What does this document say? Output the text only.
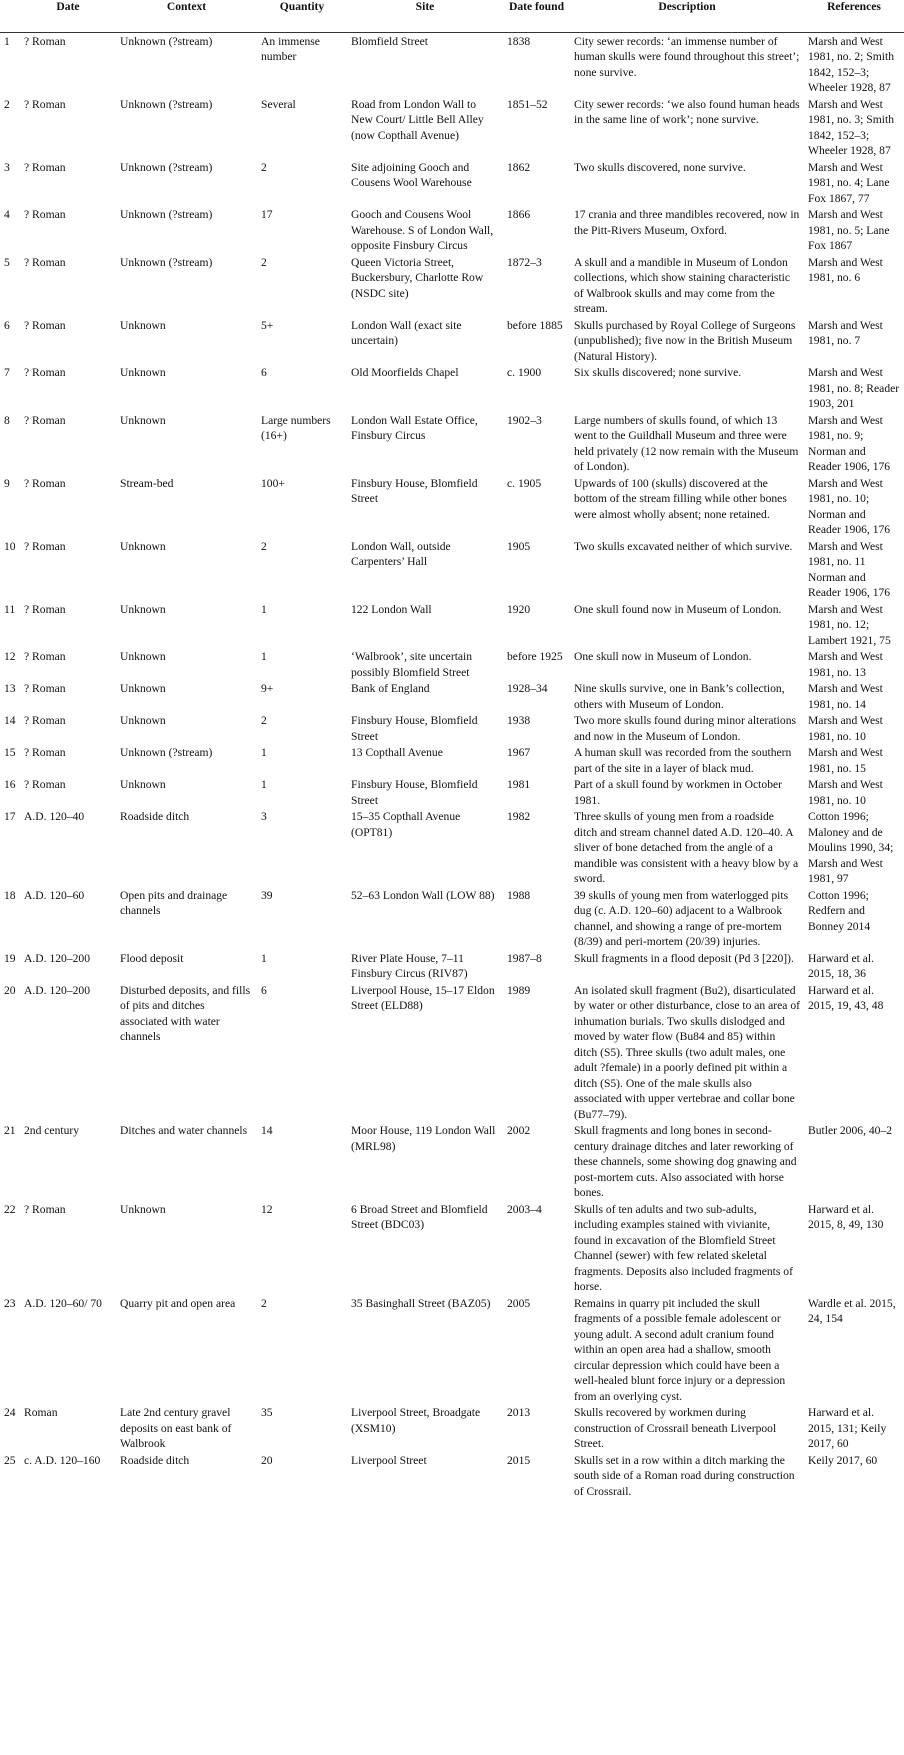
	Date	Context	Quantity	Site	Date found	Description	References
1	? Roman	Unknown (?stream)	An immense number	Blomfield Street	1838	City sewer records: ‘an immense number of human skulls were found throughout this street’; none survive.	Marsh and West 1981, no. 2; Smith 1842, 152–3; Wheeler 1928, 87
2	? Roman	Unknown (?stream)	Several	Road from London Wall to New Court/ Little Bell Alley (now Copthall Avenue)	1851–52	City sewer records: ‘we also found human heads in the same line of work’; none survive.	Marsh and West 1981, no. 3; Smith 1842, 152–3; Wheeler 1928, 87
3	? Roman	Unknown (?stream)	2	Site adjoining Gooch and Cousens Wool Warehouse	1862	Two skulls discovered, none survive.	Marsh and West 1981, no. 4; Lane Fox 1867, 77
4	? Roman	Unknown (?stream)	17	Gooch and Cousens Wool Warehouse. S of London Wall, opposite Finsbury Circus	1866	17 crania and three mandibles recovered, now in the Pitt-Rivers Museum, Oxford.	Marsh and West 1981, no. 5; Lane Fox 1867
5	? Roman	Unknown (?stream)	2	Queen Victoria Street, Buckersbury, Charlotte Row (NSDC site)	1872–3	A skull and a mandible in Museum of London collections, which show staining characteristic of Walbrook skulls and may come from the stream.	Marsh and West 1981, no. 6
6	? Roman	Unknown	5+	London Wall (exact site uncertain)	before 1885	Skulls purchased by Royal College of Surgeons (unpublished); five now in the British Museum (Natural History).	Marsh and West 1981, no. 7
7	? Roman	Unknown	6	Old Moorfields Chapel	c. 1900	Six skulls discovered; none survive.	Marsh and West 1981, no. 8; Reader 1903, 201
8	? Roman	Unknown	Large numbers (16+)	London Wall Estate Office, Finsbury Circus	1902–3	Large numbers of skulls found, of which 13 went to the Guildhall Museum and three were held privately (12 now remain with the Museum of London).	Marsh and West 1981, no. 9; Norman and Reader 1906, 176
9	? Roman	Stream-bed	100+	Finsbury House, Blomfield Street	c. 1905	Upwards of 100 (skulls) discovered at the bottom of the stream filling while other bones were almost wholly absent; none retained.	Marsh and West 1981, no. 10; Norman and Reader 1906, 176
10	? Roman	Unknown	2	London Wall, outside Carpenters’ Hall	1905	Two skulls excavated neither of which survive.	Marsh and West 1981, no. 11 Norman and Reader 1906, 176
11	? Roman	Unknown	1	122 London Wall	1920	One skull found now in Museum of London.	Marsh and West 1981, no. 12; Lambert 1921, 75
12	? Roman	Unknown	1	‘Walbrook’, site uncertain possibly Blomfield Street	before 1925	One skull now in Museum of London.	Marsh and West 1981, no. 13
13	? Roman	Unknown	9+	Bank of England	1928–34	Nine skulls survive, one in Bank’s collection, others with Museum of London.	Marsh and West 1981, no. 14
14	? Roman	Unknown	2	Finsbury House, Blomfield Street	1938	Two more skulls found during minor alterations and now in the Museum of London.	Marsh and West 1981, no. 10
15	? Roman	Unknown (?stream)	1	13 Copthall Avenue	1967	A human skull was recorded from the southern part of the site in a layer of black mud.	Marsh and West 1981, no. 15
16	? Roman	Unknown	1	Finsbury House, Blomfield Street	1981	Part of a skull found by workmen in October 1981.	Marsh and West 1981, no. 10
17	A.D. 120–40	Roadside ditch	3	15–35 Copthall Avenue (OPT81)	1982	Three skulls of young men from a roadside ditch and stream channel dated A.D. 120–40. A sliver of bone detached from the angle of a mandible was consistent with a heavy blow by a sword.	Cotton 1996; Maloney and de Moulins 1990, 34; Marsh and West 1981, 97
18	A.D. 120–60	Open pits and drainage channels	39	52–63 London Wall (LOW 88)	1988	39 skulls of young men from waterlogged pits dug (c. A.D. 120–60) adjacent to a Walbrook channel, and showing a range of pre-mortem (8/39) and peri-mortem (20/39) injuries.	Cotton 1996; Redfern and Bonney 2014
19	A.D. 120–200	Flood deposit	1	River Plate House, 7–11 Finsbury Circus (RIV87)	1987–8	Skull fragments in a flood deposit (Pd 3 [220]).	Harward et al. 2015, 18, 36
20	A.D. 120–200	Disturbed deposits, and fills of pits and ditches associated with water channels	6	Liverpool House, 15–17 Eldon Street (ELD88)	1989	An isolated skull fragment (Bu2), disarticulated by water or other disturbance, close to an area of inhumation burials. Two skulls dislodged and moved by water flow (Bu84 and 85) within ditch (S5). Three skulls (two adult males, one adult ?female) in a poorly defined pit within a ditch (S5). One of the male skulls also associated with upper vertebrae and collar bone (Bu77–79).	Harward et al. 2015, 19, 43, 48
21	2nd century	Ditches and water channels	14	Moor House, 119 London Wall (MRL98)	2002	Skull fragments and long bones in second-century drainage ditches and later reworking of these channels, some showing dog gnawing and post-mortem cuts. Also associated with horse bones.	Butler 2006, 40–2
22	? Roman	Unknown	12	6 Broad Street and Blomfield Street (BDC03)	2003–4	Skulls of ten adults and two sub-adults, including examples stained with vivianite, found in excavation of the Blomfield Street Channel (sewer) with few related skeletal fragments. Deposits also included fragments of horse.	Harward et al. 2015, 8, 49, 130
23	A.D. 120–60/ 70	Quarry pit and open area	2	35 Basinghall Street (BAZ05)	2005	Remains in quarry pit included the skull fragments of a possible female adolescent or young adult. A second adult cranium found within an open area had a shallow, smooth circular depression which could have been a well-healed blunt force injury or a depression from an overlying cyst.	Wardle et al. 2015, 24, 154
24	Roman	Late 2nd century gravel deposits on east bank of Walbrook	35	Liverpool Street, Broadgate (XSM10)	2013	Skulls recovered by workmen during construction of Crossrail beneath Liverpool Street.	Harward et al. 2015, 131; Keily 2017, 60
25	c. A.D. 120–160	Roadside ditch	20	Liverpool Street	2015	Skulls set in a row within a ditch marking the south side of a Roman road during construction of Crossrail.	Keily 2017, 60
